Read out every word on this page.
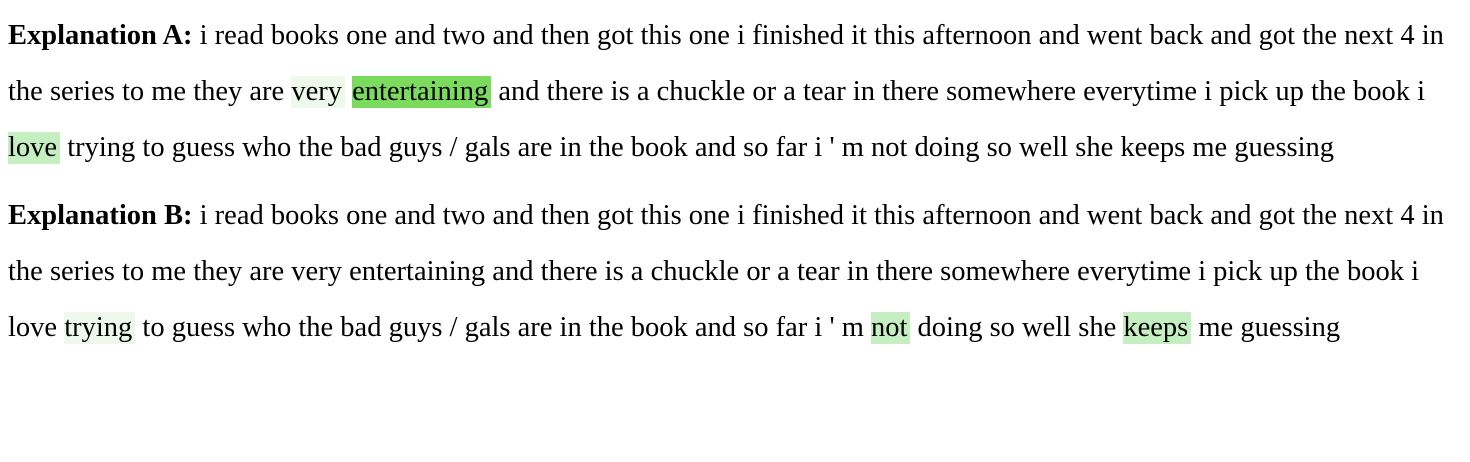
Explanation A: i read books one and two and then got this one i finished it this afternoon and went back and got the next 4 in the series to me they are very entertaining and there is a chuckle or a tear in there somewhere everytime i pick up the book i love trying to guess who the bad guys / gals are in the book and so far i ' m not doing so well she keeps me guessing

Explanation B: i read books one and two and then got this one i finished it this afternoon and went back and got the next 4 in the series to me they are very entertaining and there is a chuckle or a tear in there somewhere everytime i pick up the book i love trying to guess who the bad guys / gals are in the book and so far i ' m not doing so well she keeps me guessing
